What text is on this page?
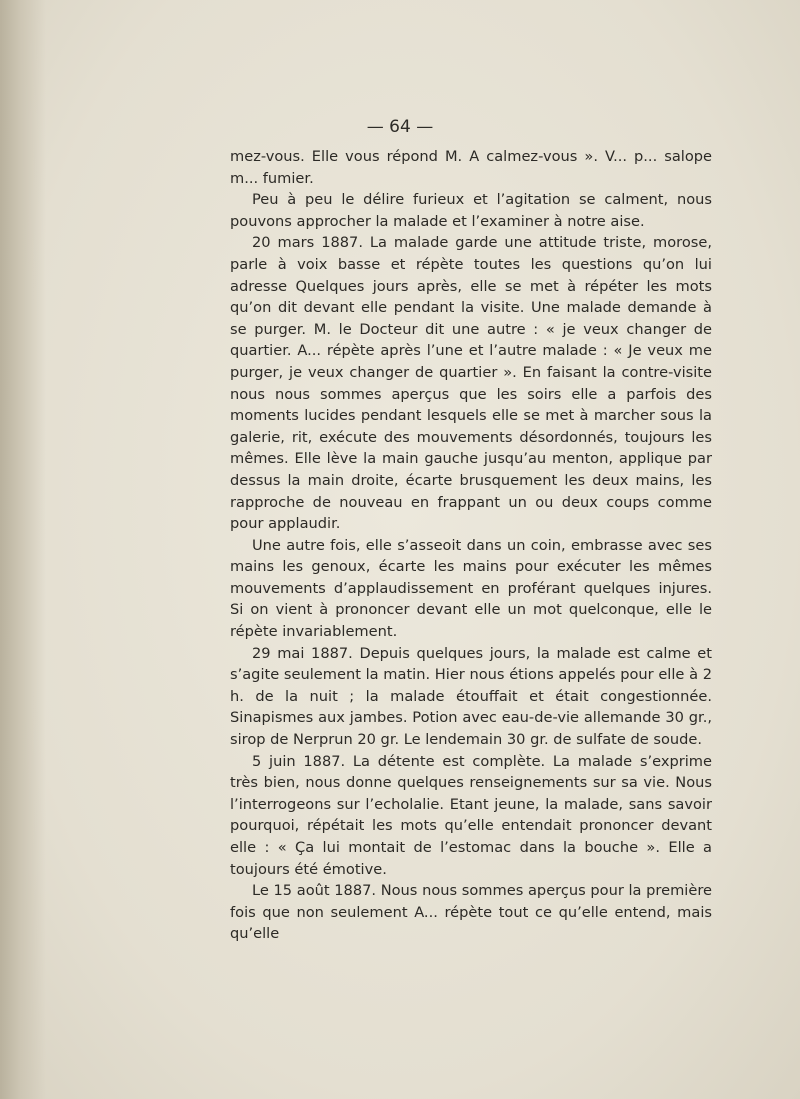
— 64 —

mez-vous. Elle vous répond M. A calmez-vous ». V... p... salope m... fumier.

Peu à peu le délire furieux et l’agitation se calment, nous pouvons approcher la malade et l’examiner à notre aise.

20 mars 1887. La malade garde une attitude triste, morose, parle à voix basse et répète toutes les questions qu’on lui adresse Quelques jours après, elle se met à répéter les mots qu’on dit devant elle pendant la visite. Une malade demande à se purger. M. le Docteur dit une autre : « je veux changer de quartier. A... répète après l’une et l’autre malade : « Je veux me purger, je veux changer de quartier ». En faisant la contre-visite nous nous sommes aperçus que les soirs elle a parfois des moments lucides pendant lesquels elle se met à marcher sous la galerie, rit, exécute des mouvements désordonnés, toujours les mêmes. Elle lève la main gauche jusqu’au menton, applique par dessus la main droite, écarte brusquement les deux mains, les rapproche de nouveau en frappant un ou deux coups comme pour applaudir.

Une autre fois, elle s’asseoit dans un coin, embrasse avec ses mains les genoux, écarte les mains pour exécuter les mêmes mouvements d’applaudissement en proférant quelques injures. Si on vient à prononcer devant elle un mot quelconque, elle le répète invariablement.

29 mai 1887. Depuis quelques jours, la malade est calme et s’agite seulement la matin. Hier nous étions appelés pour elle à 2 h. de la nuit ; la malade étouffait et était congestionnée. Sinapismes aux jambes. Potion avec eau-de-vie allemande 30 gr., sirop de Nerprun 20 gr. Le lendemain 30 gr. de sulfate de soude.

5 juin 1887. La détente est complète. La malade s’exprime très bien, nous donne quelques renseignements sur sa vie. Nous l’interrogeons sur l’echolalie. Etant jeune, la malade, sans savoir pourquoi, répétait les mots qu’elle entendait prononcer devant elle : « Ça lui montait de l’estomac dans la bouche ». Elle a toujours été émotive.

Le 15 août 1887. Nous nous sommes aperçus pour la première fois que non seulement A... répète tout ce qu’elle entend, mais qu’elle
